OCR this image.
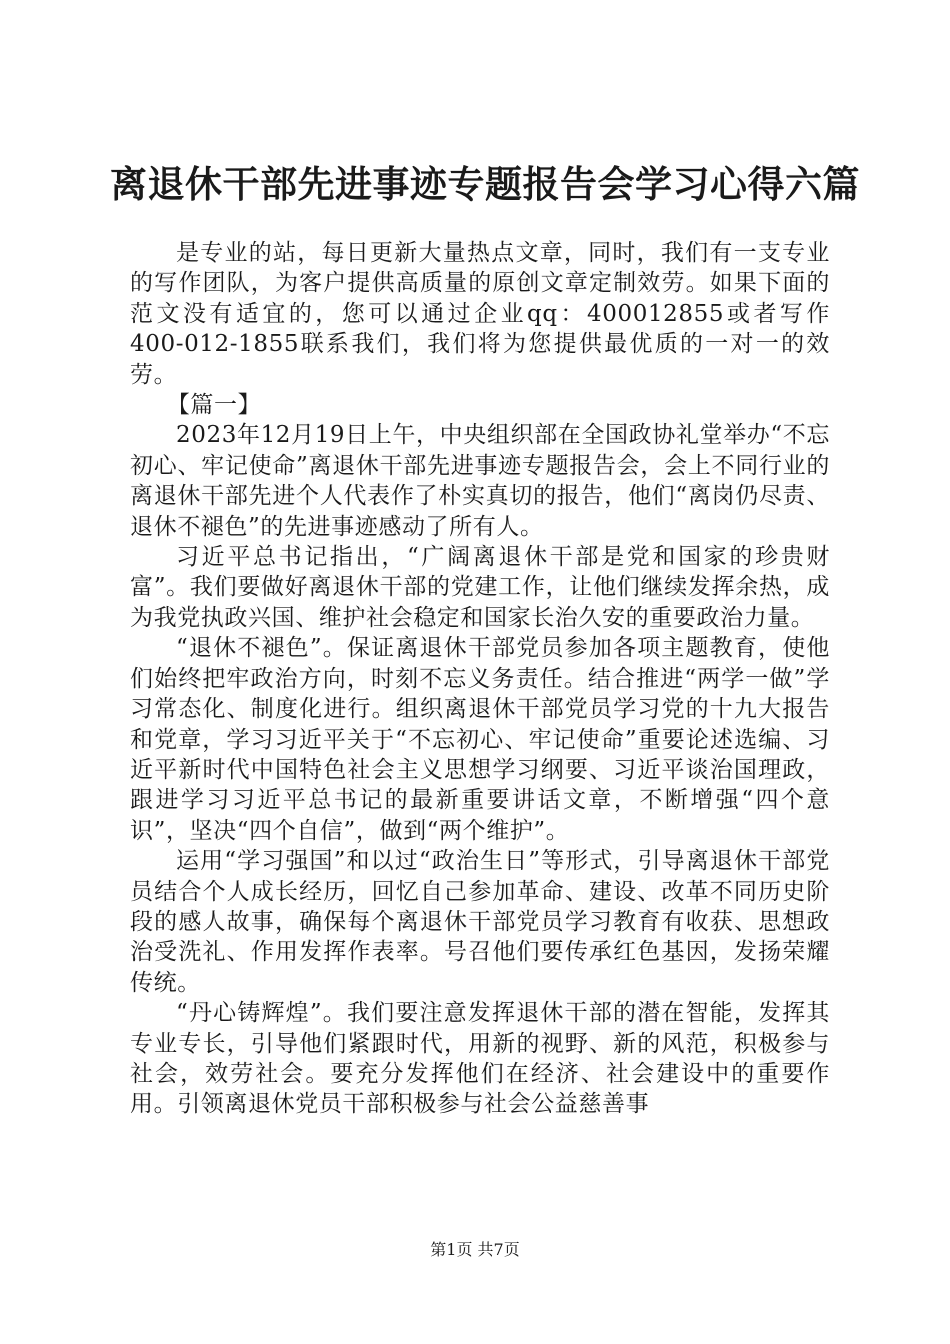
离退休干部先进事迹专题报告会学习心得六篇

是专业的站，每日更新大量热点文章，同时，我们有一支专业的写作团队，为客户提供高质量的原创文章定制效劳。如果下面的范文没有适宜的，您可以通过企业qq：400012855或者写作　 400-012-1855联系我们，我们将为您提供最优质的一对一的效劳。

【篇一】

2023年12月19日上午，中央组织部在全国政协礼堂举办“不忘初心、牢记使命”离退休干部先进事迹专题报告会，会上不同行业的离退休干部先进个人代表作了朴实真切的报告，他们“离岗仍尽责、退休不褪色”的先进事迹感动了所有人。

习近平总书记指出，“广阔离退休干部是党和国家的珍贵财富”。我们要做好离退休干部的党建工作，让他们继续发挥余热，成为我党执政兴国、维护社会稳定和国家长治久安的重要政治力量。

“退休不褪色”。保证离退休干部党员参加各项主题教育，使他们始终把牢政治方向，时刻不忘义务责任。结合推进“两学一做”学习常态化、制度化进行。组织离退休干部党员学习党的十九大报告和党章，学习习近平关于“不忘初心、牢记使命”重要论述选编、习近平新时代中国特色社会主义思想学习纲要、习近平谈治国理政，跟进学习习近平总书记的最新重要讲话文章，不断增强“四个意识”，坚决“四个自信”，做到“两个维护”。

运用“学习强国”和以过“政治生日”等形式，引导离退休干部党员结合个人成长经历，回忆自己参加革命、建设、改革不同历史阶段的感人故事，确保每个离退休干部党员学习教育有收获、思想政治受洗礼、作用发挥作表率。号召他们要传承红色基因，发扬荣耀传统。

“丹心铸辉煌”。我们要注意发挥退休干部的潜在智能，发挥其专业专长，引导他们紧跟时代，用新的视野、新的风范，积极参与社会，效劳社会。要充分发挥他们在经济、社会建设中的重要作用。引领离退休党员干部积极参与社会公益慈善事

第1页 共7页
